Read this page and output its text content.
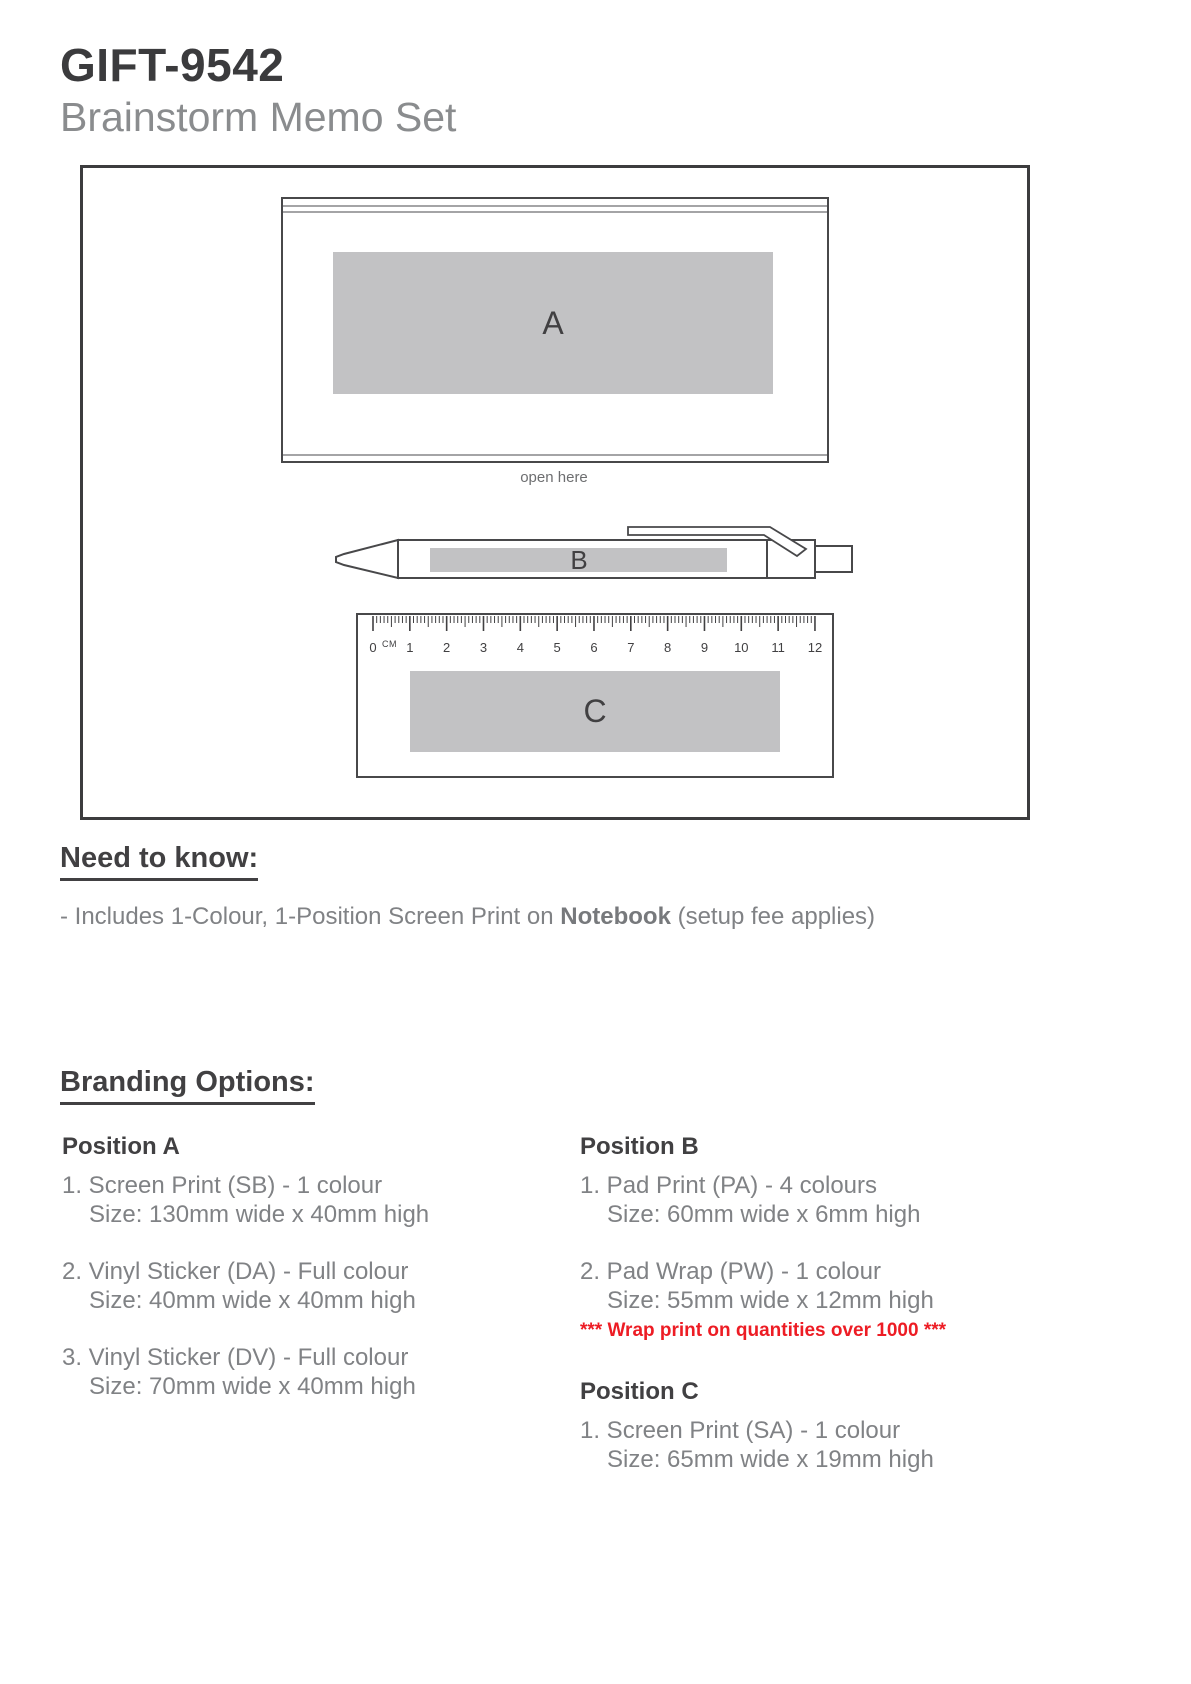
GIFT-9542
Brainstorm Memo Set
A
open here
B
0 1 2 3 4 5 6 7 8 9 10 11 12
CM
C
Need to know:
- Includes 1-Colour, 1-Position Screen Print on Notebook (setup fee applies)
Branding Options:
Position A
1. Screen Print (SB) - 1 colour
Size: 130mm wide x 40mm high
2. Vinyl Sticker (DA) - Full colour
Size: 40mm wide x 40mm high
3. Vinyl Sticker (DV) - Full colour
Size: 70mm wide x 40mm high
Position B
1. Pad Print (PA) - 4 colours
Size: 60mm wide x 6mm high
2. Pad Wrap (PW) - 1 colour
Size: 55mm wide x 12mm high
*** Wrap print on quantities over 1000 ***
Position C
1. Screen Print (SA) - 1 colour
Size: 65mm wide x 19mm high
